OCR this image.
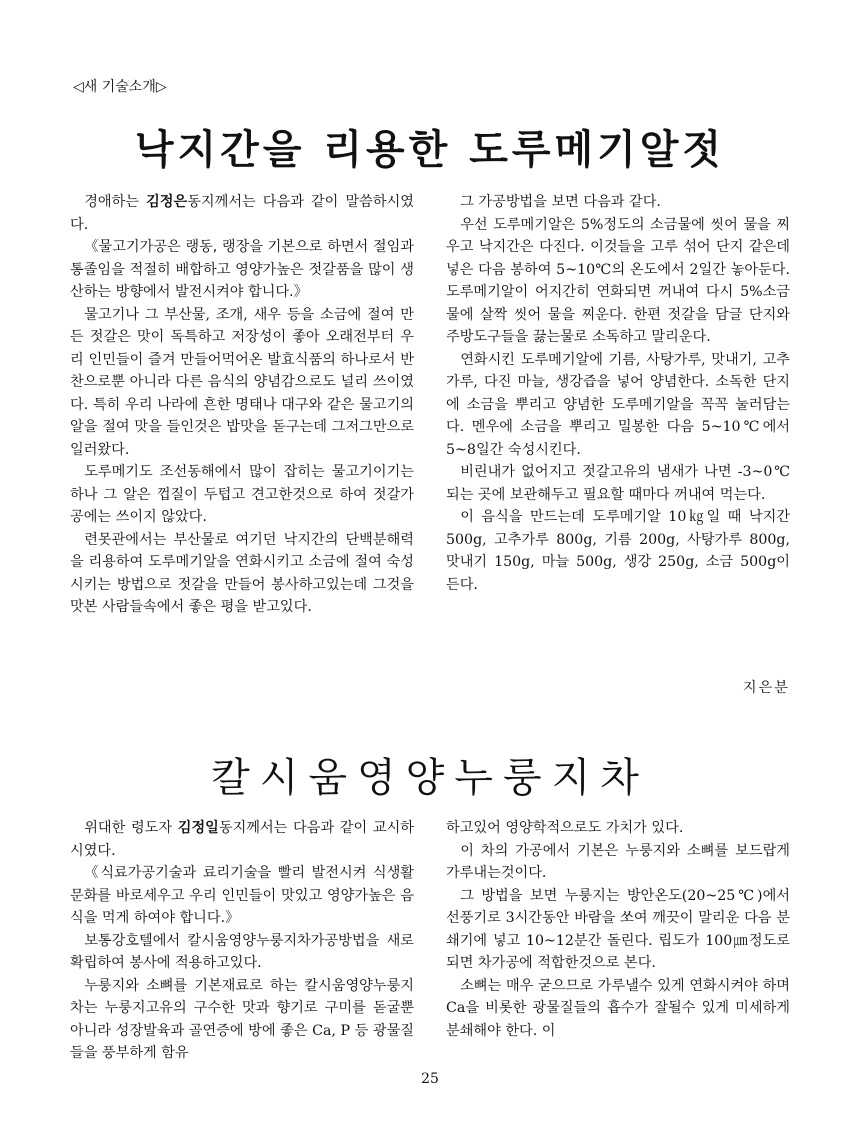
◁새 기술소개▷
낙지간을 리용한 도루메기알젓

경애하는 김정은동지께서는 다음과 같이 말씀하시였다.

《물고기가공은 랭동, 랭장을 기본으로 하면서 절임과 통졸임을 적절히 배합하고 영양가높은 젓갈품을 많이 생산하는 방향에서 발전시켜야 합니다.》

물고기나 그 부산물, 조개, 새우 등을 소금에 절여 만든 젓갈은 맛이 독특하고 저장성이 좋아 오래전부터 우리 인민들이 즐겨 만들어먹어온 발효식품의 하나로서 반찬으로뿐 아니라 다른 음식의 양념감으로도 널리 쓰이였다. 특히 우리 나라에 흔한 명태나 대구와 같은 물고기의 알을 절여 맛을 들인것은 밥맛을 돋구는데 그저그만으로 일러왔다.

도루메기도 조선동해에서 많이 잡히는 물고기이기는 하나 그 알은 껍질이 두텁고 견고한것으로 하여 젓갈가공에는 쓰이지 않았다.

련못관에서는 부산물로 여기던 낙지간의 단백분해력을 리용하여 도루메기알을 연화시키고 소금에 절여 숙성시키는 방법으로 젓갈을 만들어 봉사하고있는데 그것을 맛본 사람들속에서 좋은 평을 받고있다.

그 가공방법을 보면 다음과 같다.

우선 도루메기알은 5%정도의 소금물에 씻어 물을 찌우고 낙지간은 다진다. 이것들을 고루 섞어 단지 같은데 넣은 다음 봉하여 5~10℃의 온도에서 2일간 놓아둔다. 도루메기알이 어지간히 연화되면 꺼내여 다시 5%소금물에 살짝 씻어 물을 찌운다. 한편 젓갈을 담글 단지와 주방도구들을 끓는물로 소독하고 말리운다.

연화시킨 도루메기알에 기름, 사탕가루, 맛내기, 고추가루, 다진 마늘, 생강즙을 넣어 양념한다. 소독한 단지에 소금을 뿌리고 양념한 도루메기알을 꼭꼭 눌러담는다. 멘우에 소금을 뿌리고 밀봉한 다음 5~10℃에서 5~8일간 숙성시킨다.

비린내가 없어지고 젓갈고유의 냄새가 나면 -3~0℃ 되는 곳에 보관해두고 필요할 때마다 꺼내여 먹는다.

이 음식을 만드는데 도루메기알 10㎏일 때 낙지간 500g, 고추가루 800g, 기름 200g, 사탕가루 800g, 맛내기 150g, 마늘 500g, 생강 250g, 소금 500g이 든다.

지은분
칼시움영양누룽지차

위대한 령도자 김정일동지께서는 다음과 같이 교시하시였다.

《식료가공기술과 료리기술을 빨리 발전시켜 식생활문화를 바로세우고 우리 인민들이 맛있고 영양가높은 음식을 먹게 하여야 합니다.》

보통강호텔에서 칼시움영양누룽지차가공방법을 새로 확립하여 봉사에 적용하고있다.

누룽지와 소뼈를 기본재료로 하는 칼시움영양누룽지차는 누룽지고유의 구수한 맛과 향기로 구미를 돋굴뿐 아니라 성장발육과 골연증에 방에 좋은 Ca, P 등 광물질들을 풍부하게 함유

하고있어 영양학적으로도 가치가 있다.

이 차의 가공에서 기본은 누룽지와 소뼈를 보드랍게 가루내는것이다.

그 방법을 보면 누룽지는 방안온도(20~25℃)에서 선풍기로 3시간동안 바람을 쏘여 깨끗이 말리운 다음 분쇄기에 넣고 10~12분간 돌린다. 립도가 100㎛정도로 되면 차가공에 적합한것으로 본다.

소뼈는 매우 굳으므로 가루낼수 있게 연화시켜야 하며 Ca을 비롯한 광물질들의 흡수가 잘될수 있게 미세하게 분쇄해야 한다. 이

25
